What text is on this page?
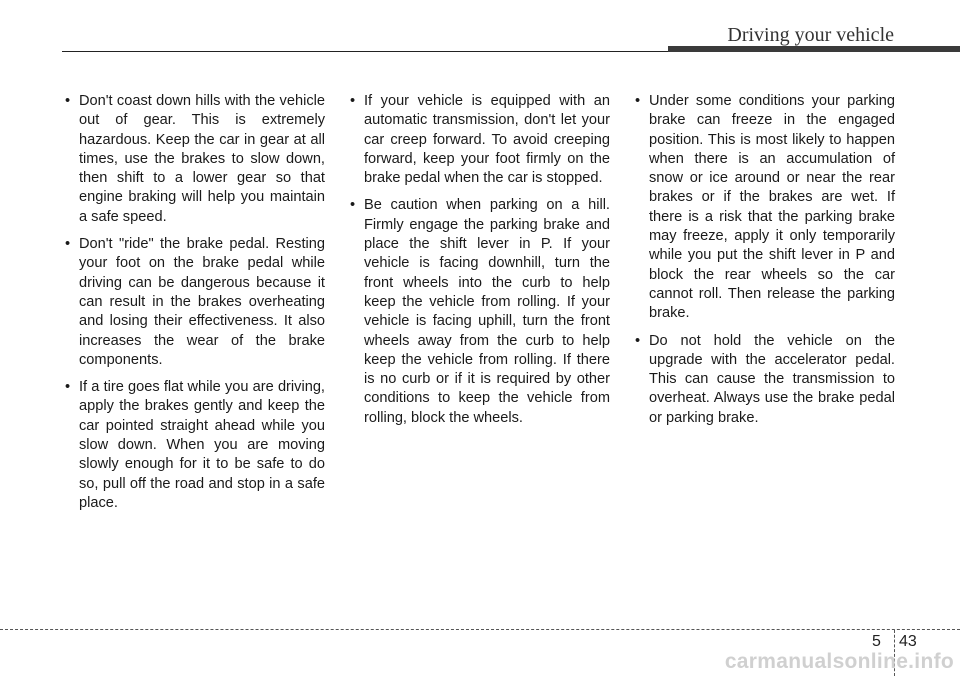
Driving your vehicle
• Don't coast down hills with the vehicle out of gear. This is extremely hazardous. Keep the car in gear at all times, use the brakes to slow down, then shift to a lower gear so that engine braking will help you maintain a safe speed.
• Don't "ride" the brake pedal. Resting your foot on the brake pedal while driving can be dangerous because it can result in the brakes overheating and losing their effectiveness. It also increases the wear of the brake components.
• If a tire goes flat while you are driving, apply the brakes gently and keep the car pointed straight ahead while you slow down. When you are moving slowly enough for it to be safe to do so, pull off the road and stop in a safe place.
• If your vehicle is equipped with an automatic transmission, don't let your car creep forward. To avoid creeping forward, keep your foot firmly on the brake pedal when the car is stopped.
• Be caution when parking on a hill. Firmly engage the parking brake and place the shift lever in P. If your vehicle is facing downhill, turn the front wheels into the curb to help keep the vehicle from rolling. If your vehicle is facing uphill, turn the front wheels away from the curb to help keep the vehicle from rolling. If there is no curb or if it is required by other conditions to keep the vehicle from rolling, block the wheels.
• Under some conditions your parking brake can freeze in the engaged position. This is most likely to happen when there is an accumulation of snow or ice around or near the rear brakes or if the brakes are wet. If there is a risk that the parking brake may freeze, apply it only temporarily while you put the shift lever in P and block the rear wheels so the car cannot roll. Then release the parking brake.
• Do not hold the vehicle on the upgrade with the accelerator pedal. This can cause the transmission to overheat. Always use the brake pedal or parking brake.
5 43
carmanualsonline.info
